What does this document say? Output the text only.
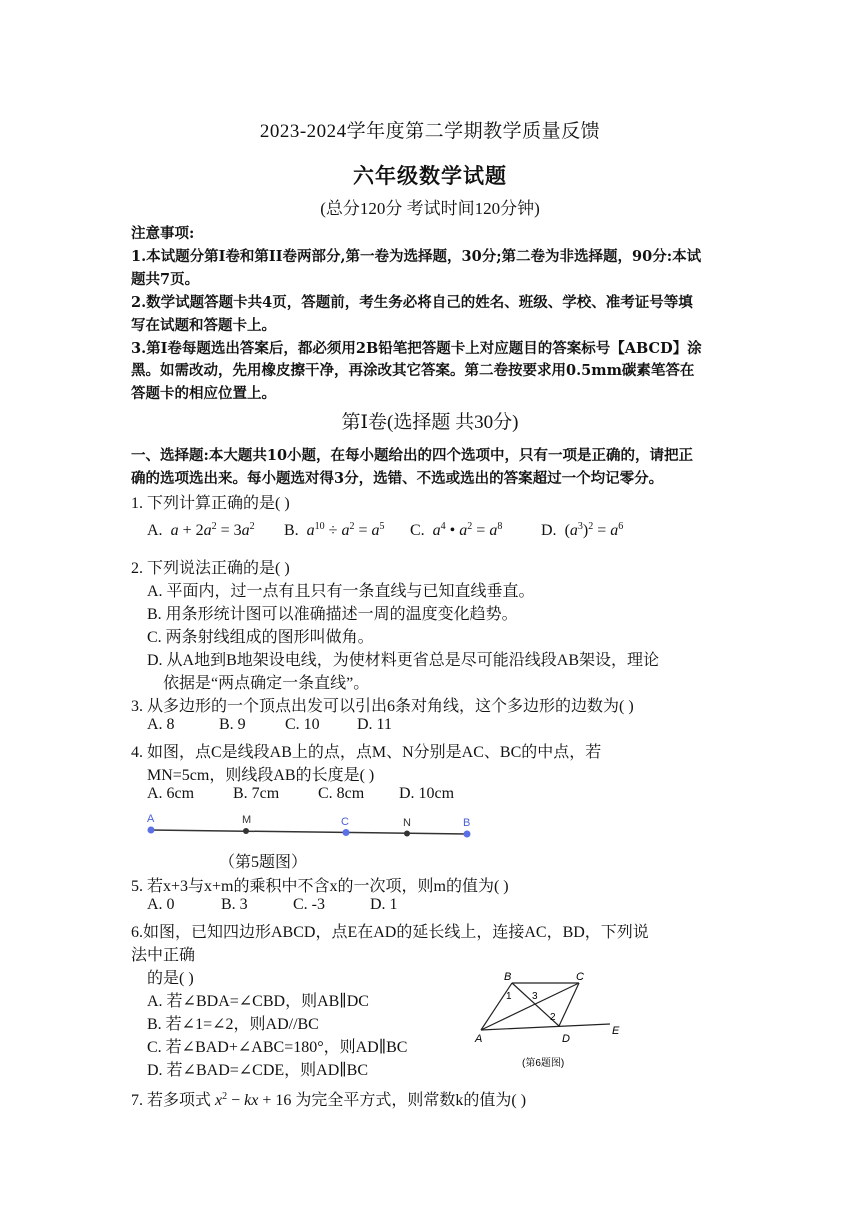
2023-2024学年度第二学期教学质量反馈
六年级数学试题
(总分120分 考试时间120分钟)
注意事项:
1.本试题分第Ⅰ卷和第II卷两部分,第一卷为选择题，30分;第二卷为非选择题，90分:本试
题共7页。
2.数学试题答题卡共4页，答题前，考生务必将自己的姓名、班级、学校、准考证号等填
写在试题和答题卡上。
3.第Ⅰ卷每题选出答案后，都必须用2B铅笔把答题卡上对应题目的答案标号【ABCD】涂
黑。如需改动，先用橡皮擦干净，再涂改其它答案。第二卷按要求用0.5mm碳素笔答在
答题卡的相应位置上。
第Ⅰ卷(选择题 共30分)
一、选择题:本大题共10小题，在每小题给出的四个选项中，只有一项是正确的，请把正
确的选项选出来。每小题选对得3分，选错、不选或选出的答案超过一个均记零分。
1. 下列计算正确的是( )
A. $a + 2a^2 = 3a^2$ B. $a^{10} \div a^2 = a^5$ C. $a^4$ • $a^2 = a^8$ D.  $(a^3)^2 = a^6$
2. 下列说法正确的是( )
A. 平面内，过一点有且只有一条直线与已知直线垂直。
B. 用条形统计图可以准确描述一周的温度变化趋势。
C. 两条射线组成的图形叫做角。
D. 从A地到B地架设电线，为使材料更省总是尽可能沿线段AB架设，理论
依据是“两点确定一条直线”。
3. 从多边形的一个顶点出发可以引出6条对角线，这个多边形的边数为( )
A. 8	B. 9 C. 10 D. 11
4. 如图，点C是线段AB上的点，点M、N分别是AC、BC的中点，若
MN=5cm，则线段AB的长度是( )
A. 6cm B. 7cm C. 8cm D. 10cm
A	M	C	N	B
（第5题图）
5. 若x+3与x+m的乘积中不含x的一次项，则m的值为( )
A. 0	B. 3	C. -3	D. 1
6.如图，已知四边形ABCD，点E在AD的延长线上，连接AC，BD，下列说
法中正确
的是( )
A. 若∠BDA=∠CBD，则AB∥DC
B. 若∠1=∠2，则AD//BC
C. 若∠BAD+∠ABC=180°，则AD∥BC
D. 若∠BAD=∠CDE，则AD∥BC
B	C
A	D
E
1
2
3
(第6题图)
7. 若多项式 $x^2$ − kx + 16 为完全平方式，则常数k的值为( )
